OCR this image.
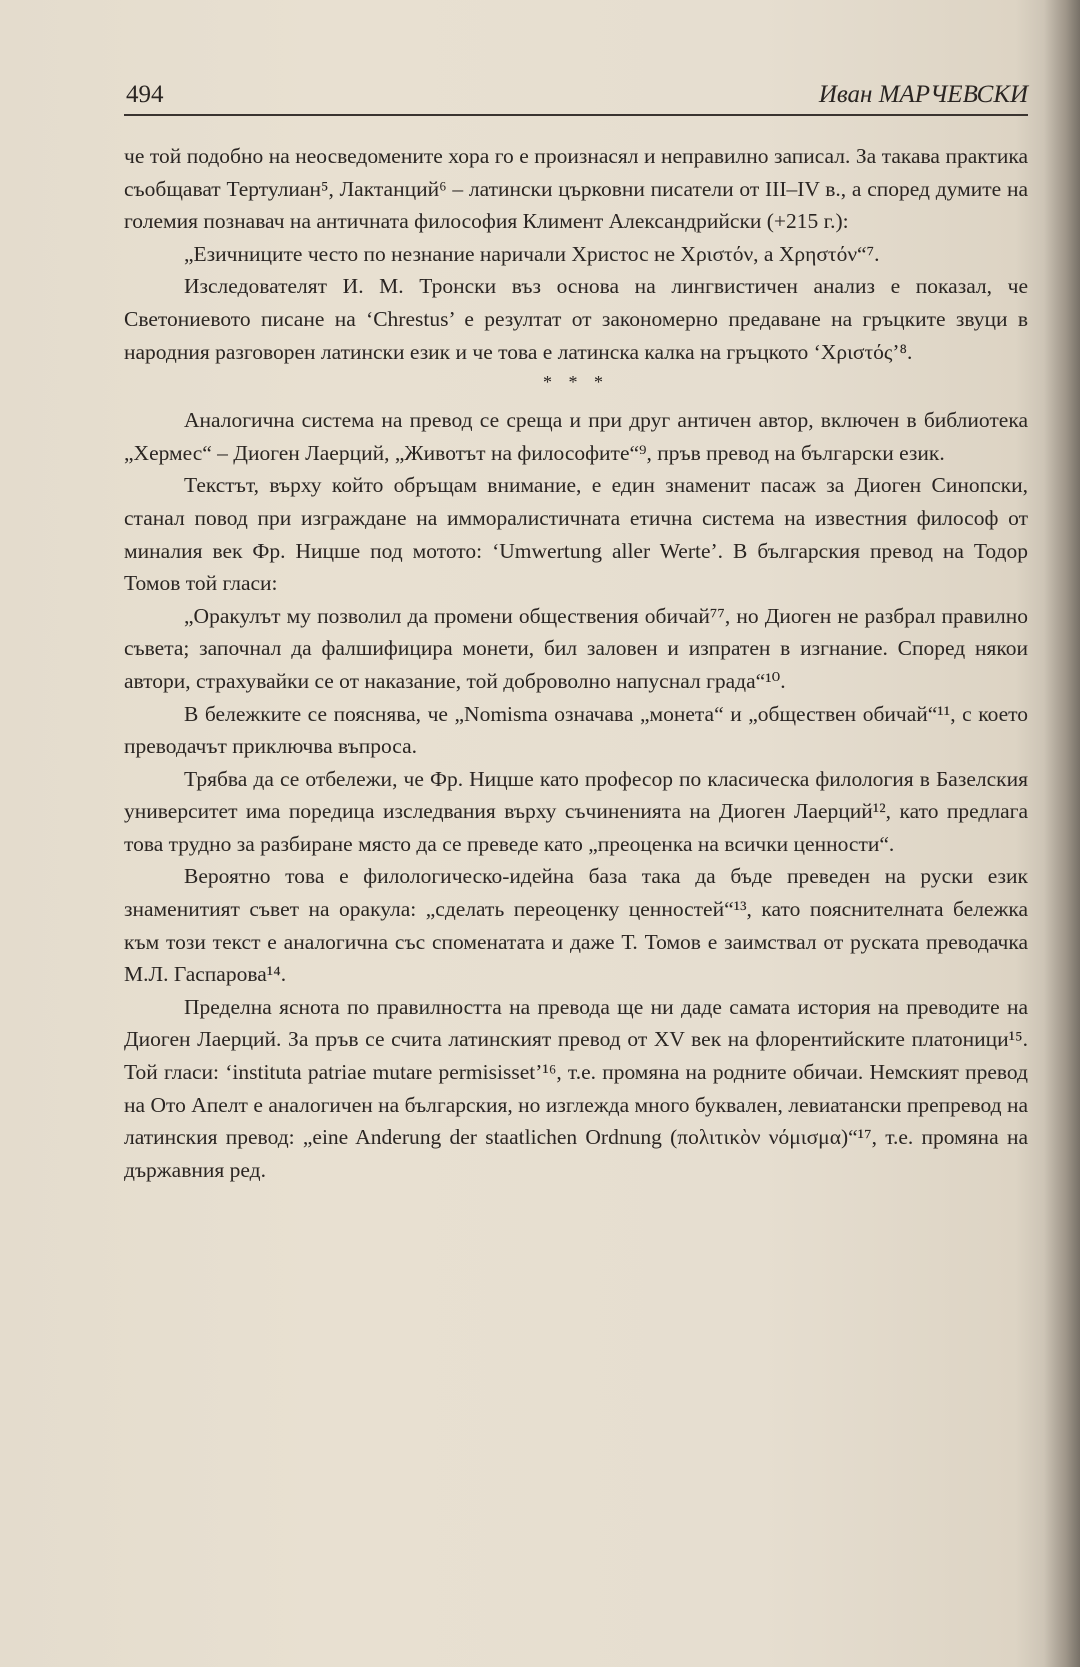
494	Иван МАРЧЕВСКИ

че той подобно на неосведомените хора го е произнасял и неправилно записал. За такава практика съобщават Тертулиан⁵, Лактанций⁶ – латински църковни писатели от III–IV в., а според думите на големия познавач на античната философия Климент Александрийски (+215 г.):

„Езичниците често по незнание наричали Христос не Χριστόν, а Χρηστόν“⁷.

Изследователят И. М. Тронски въз основа на лингвистичен анализ е показал, че Светониевото писане на ‘Chrestus’ е резултат от закономерно предаване на гръцките звуци в народния разговорен латински език и че това е латинска калка на гръцкото ‘Χριστός’⁸.

* * *

Аналогична система на превод се среща и при друг античен автор, включен в библиотека „Хермес“ – Диоген Лаерций, „Животът на философите“⁹, пръв превод на български език.

Текстът, върху който обръщам внимание, е един знаменит пасаж за Диоген Синопски, станал повод при изграждане на имморалистичната етична система на известния философ от миналия век Фр. Ницше под мотото: ‘Umwertung aller Werte’. В българския превод на Тодор Томов той гласи:

„Оракулът му позволил да промени обществения обичай⁷⁷, но Диоген не разбрал правилно съвета; започнал да фалшифицира монети, бил заловен и изпратен в изгнание. Според някои автори, страхувайки се от наказание, той доброволно напуснал града“¹⁰.

В бележките се пояснява, че „Nomisma означава „монета“ и „обществен обичай“¹¹, с което преводачът приключва въпроса.

Трябва да се отбележи, че Фр. Ницше като професор по класическа филология в Базелския университет има поредица изследвания върху съчиненията на Диоген Лаерций¹², като предлага това трудно за разбиране място да се преведе като „преоценка на всички ценности“.

Вероятно това е филологическо-идейна база така да бъде преведен на руски език знаменитият съвет на оракула: „сделать переоценку ценностей“¹³, като пояснителната бележка към този текст е аналогична със споменатата и даже Т. Томов е заимствал от руската преводачка М.Л. Гаспарова¹⁴.

Пределна яснота по правилността на превода ще ни даде самата история на преводите на Диоген Лаерций. За пръв се счита латинският превод от XV век на флорентийските платоници¹⁵. Той гласи: ‘instituta patriae mutare permisisset’¹⁶, т.е. промяна на родните обичаи. Немският превод на Ото Апелт е аналогичен на българския, но изглежда много буквален, левиатански препревод на латинския превод: „eine Anderung der staatlichen Ordnung (πολιτικὸν νόμισμα)“¹⁷, т.е. промяна на държавния ред.
